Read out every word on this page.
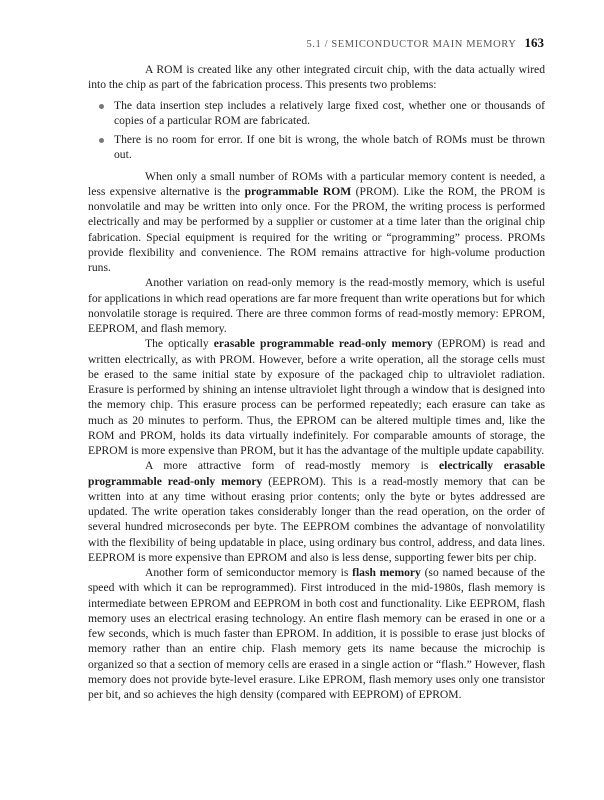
5.1 / SEMICONDUCTOR MAIN MEMORY 163

A ROM is created like any other integrated circuit chip, with the data actually wired into the chip as part of the fabrication process. This presents two problems:

The data insertion step includes a relatively large fixed cost, whether one or thousands of copies of a particular ROM are fabricated.
There is no room for error. If one bit is wrong, the whole batch of ROMs must be thrown out.

When only a small number of ROMs with a particular memory content is needed, a less expensive alternative is the programmable ROM (PROM). Like the ROM, the PROM is nonvolatile and may be written into only once. For the PROM, the writing process is performed electrically and may be performed by a supplier or customer at a time later than the original chip fabrication. Special equipment is required for the writing or “programming” process. PROMs provide flexibility and convenience. The ROM remains attractive for high-volume production runs.

Another variation on read-only memory is the read-mostly memory, which is useful for applications in which read operations are far more frequent than write operations but for which nonvolatile storage is required. There are three common forms of read-mostly memory: EPROM, EEPROM, and flash memory.

The optically erasable programmable read-only memory (EPROM) is read and written electrically, as with PROM. However, before a write operation, all the storage cells must be erased to the same initial state by exposure of the packaged chip to ultraviolet radiation. Erasure is performed by shining an intense ultraviolet light through a window that is designed into the memory chip. This erasure process can be performed repeatedly; each erasure can take as much as 20 minutes to perform. Thus, the EPROM can be altered multiple times and, like the ROM and PROM, holds its data virtually indefinitely. For comparable amounts of storage, the EPROM is more expensive than PROM, but it has the advantage of the multiple update capability.

A more attractive form of read-mostly memory is electrically erasable programmable read-only memory (EEPROM). This is a read-mostly memory that can be written into at any time without erasing prior contents; only the byte or bytes addressed are updated. The write operation takes considerably longer than the read operation, on the order of several hundred microseconds per byte. The EEPROM combines the advantage of nonvolatility with the flexibility of being updatable in place, using ordinary bus control, address, and data lines. EEPROM is more expensive than EPROM and also is less dense, supporting fewer bits per chip.

Another form of semiconductor memory is flash memory (so named because of the speed with which it can be reprogrammed). First introduced in the mid-1980s, flash memory is intermediate between EPROM and EEPROM in both cost and functionality. Like EEPROM, flash memory uses an electrical erasing technology. An entire flash memory can be erased in one or a few seconds, which is much faster than EPROM. In addition, it is possible to erase just blocks of memory rather than an entire chip. Flash memory gets its name because the microchip is organized so that a section of memory cells are erased in a single action or “flash.” However, flash memory does not provide byte-level erasure. Like EPROM, flash memory uses only one transistor per bit, and so achieves the high density (compared with EEPROM) of EPROM.
